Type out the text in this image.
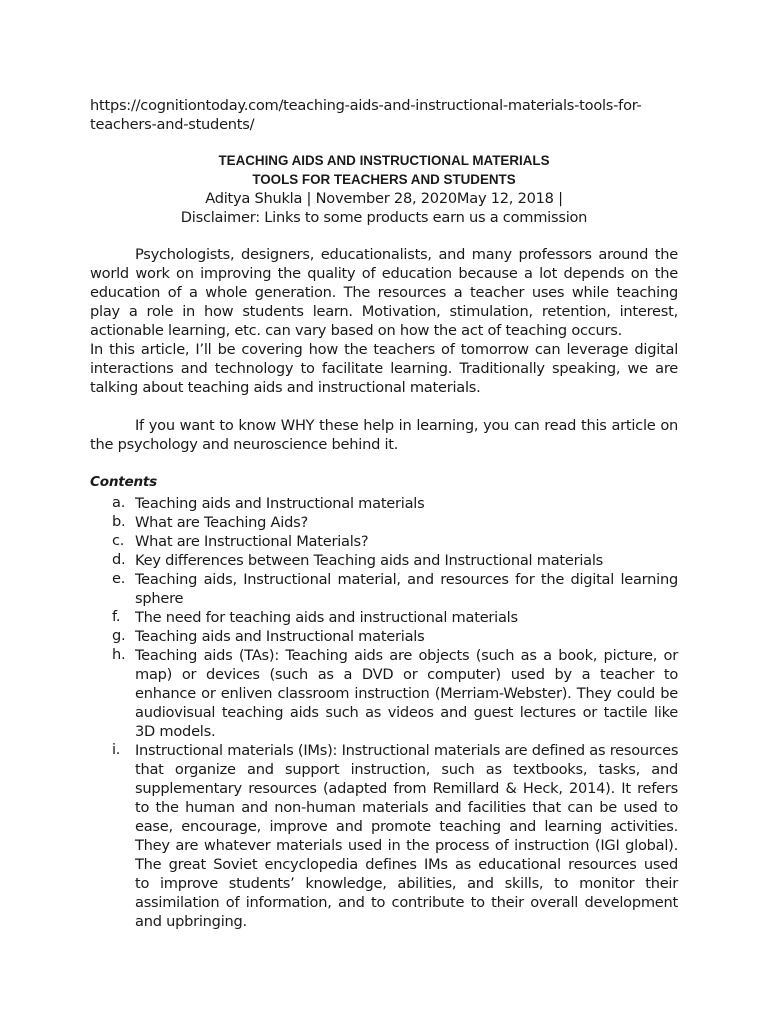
https://cognitiontoday.com/teaching-aids-and-instructional-materials-tools-for-
teachers-and-students/
TEACHING AIDS AND INSTRUCTIONAL MATERIALS
TOOLS FOR TEACHERS AND STUDENTS
Aditya Shukla | November 28, 2020May 12, 2018 |
Disclaimer: Links to some products earn us a commission
Psychologists, designers, educationalists, and many professors around the
world work on improving the quality of education because a lot depends on the
education of a whole generation. The resources a teacher uses while teaching
play a role in how students learn. Motivation, stimulation, retention, interest,
actionable learning, etc. can vary based on how the act of teaching occurs.
In this article, I’ll be covering how the teachers of tomorrow can leverage digital
interactions and technology to facilitate learning. Traditionally speaking, we are
talking about teaching aids and instructional materials.
If you want to know WHY these help in learning, you can read this article on
the psychology and neuroscience behind it.
Contents
a. Teaching aids and Instructional materials
b. What are Teaching Aids?
c. What are Instructional Materials?
d. Key differences between Teaching aids and Instructional materials
e. Teaching aids, Instructional material, and resources for the digital learning
sphere
f.	The need for teaching aids and instructional materials
g. Teaching aids and Instructional materials
h. Teaching aids (TAs): Teaching aids are objects (such as a book, picture, or
map) or devices (such as a DVD or computer) used by a teacher to
enhance or enliven classroom instruction (Merriam-Webster). They could be
audiovisual teaching aids such as videos and guest lectures or tactile like
3D models.
i.	Instructional materials (IMs): Instructional materials are defined as resources
that organize and support instruction, such as textbooks, tasks, and
supplementary resources (adapted from Remillard & Heck, 2014). It refers
to the human and non-human materials and facilities that can be used to
ease, encourage, improve and promote teaching and learning activities.
They are whatever materials used in the process of instruction (IGI global).
The great Soviet encyclopedia defines IMs as educational resources used
to improve students’ knowledge, abilities, and skills, to monitor their
assimilation of information, and to contribute to their overall development
and upbringing.
